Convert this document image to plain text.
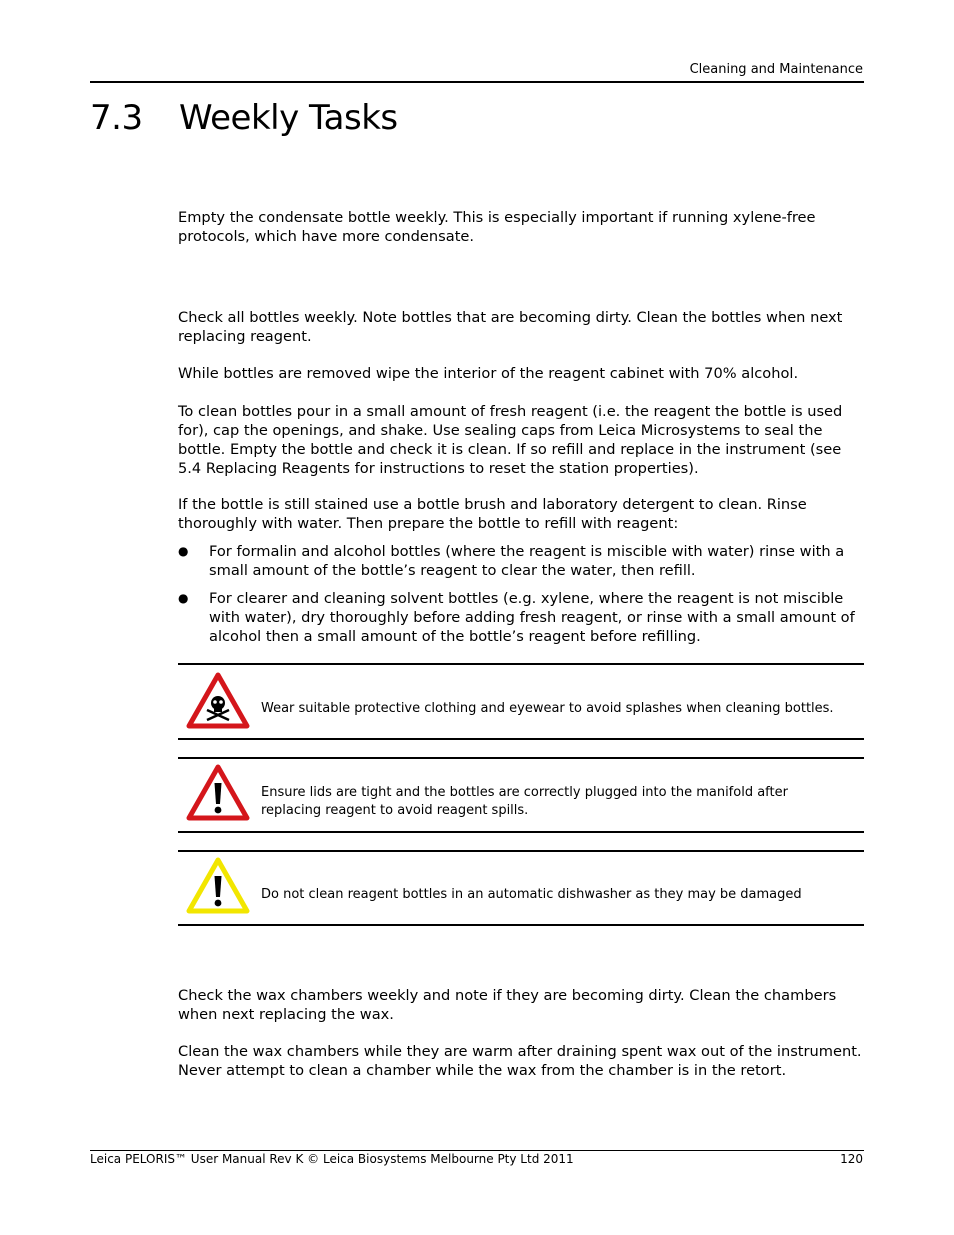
Cleaning and Maintenance
7.3 Weekly Tasks
Empty the condensate bottle weekly. This is especially important if running xylene-free protocols, which have more condensate.
Check all bottles weekly. Note bottles that are becoming dirty. Clean the bottles when next replacing reagent.
While bottles are removed wipe the interior of the reagent cabinet with 70% alcohol.
To clean bottles pour in a small amount of fresh reagent (i.e. the reagent the bottle is used for), cap the openings, and shake. Use sealing caps from Leica Microsystems to seal the bottle. Empty the bottle and check it is clean. If so refill and replace in the instrument (see 5.4 Replacing Reagents for instructions to reset the station properties).
If the bottle is still stained use a bottle brush and laboratory detergent to clean. Rinse thoroughly with water. Then prepare the bottle to refill with reagent:
● For formalin and alcohol bottles (where the reagent is miscible with water) rinse with a small amount of the bottle’s reagent to clear the water, then refill.
● For clearer and cleaning solvent bottles (e.g. xylene, where the reagent is not miscible with water), dry thoroughly before adding fresh reagent, or rinse with a small amount of alcohol then a small amount of the bottle’s reagent before refilling.
Wear suitable protective clothing and eyewear to avoid splashes when cleaning bottles.
Ensure lids are tight and the bottles are correctly plugged into the manifold after replacing reagent to avoid reagent spills.
Do not clean reagent bottles in an automatic dishwasher as they may be damaged
Check the wax chambers weekly and note if they are becoming dirty. Clean the chambers when next replacing the wax.
Clean the wax chambers while they are warm after draining spent wax out of the instrument. Never attempt to clean a chamber while the wax from the chamber is in the retort.
Leica PELORIS™ User Manual Rev K © Leica Biosystems Melbourne Pty Ltd 2011	120
